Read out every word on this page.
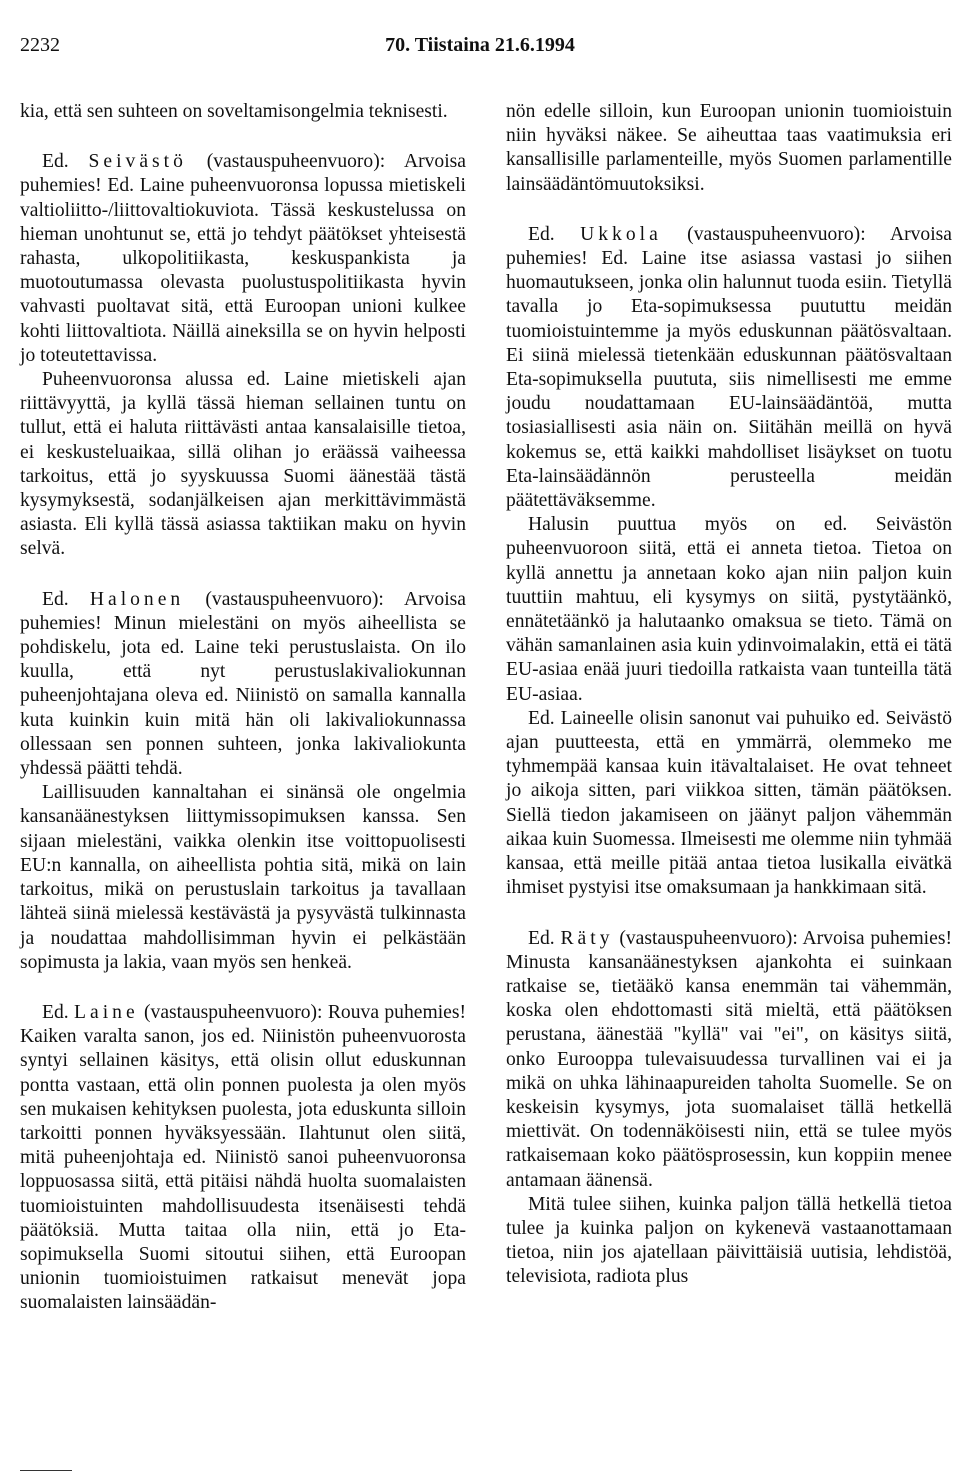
2232	70. Tiistaina 21.6.1994

kia, että sen suhteen on soveltamisongelmia teknisesti.

Ed. Seivästö (vastauspuheenvuoro): Arvoisa puhemies! Ed. Laine puheenvuoronsa lopussa mietiskeli valtioliitto-/liittovaltiokuviota. Tässä keskustelussa on hieman unohtunut se, että jo tehdyt päätökset yhteisestä rahasta, ulkopolitiikasta, keskuspankista ja muotoutumassa olevasta puolustuspolitiikasta hyvin vahvasti puoltavat sitä, että Euroopan unioni kulkee kohti liittovaltiota. Näillä aineksilla se on hyvin helposti jo toteutettavissa.

Puheenvuoronsa alussa ed. Laine mietiskeli ajan riittävyyttä, ja kyllä tässä hieman sellainen tuntu on tullut, että ei haluta riittävästi antaa kansalaisille tietoa, ei keskusteluaikaa, sillä olihan jo eräässä vaiheessa tarkoitus, että jo syyskuussa Suomi äänestää tästä kysymyksestä, sodanjälkeisen ajan merkittävimmästä asiasta. Eli kyllä tässä asiassa taktiikan maku on hyvin selvä.

Ed. Halonen (vastauspuheenvuoro): Arvoisa puhemies! Minun mielestäni on myös aiheellista se pohdiskelu, jota ed. Laine teki perustuslaista. On ilo kuulla, että nyt perustuslakivaliokunnan puheenjohtajana oleva ed. Niinistö on samalla kannalla kuta kuinkin kuin mitä hän oli lakivaliokunnassa ollessaan sen ponnen suhteen, jonka lakivaliokunta yhdessä päätti tehdä.

Laillisuuden kannaltahan ei sinänsä ole ongelmia kansanäänestyksen liittymissopimuksen kanssa. Sen sijaan mielestäni, vaikka olenkin itse voittopuolisesti EU:n kannalla, on aiheellista pohtia sitä, mikä on lain tarkoitus, mikä on perustuslain tarkoitus ja tavallaan lähteä siinä mielessä kestävästä ja pysyvästä tulkinnasta ja noudattaa mahdollisimman hyvin ei pelkästään sopimusta ja lakia, vaan myös sen henkeä.

Ed. Laine (vastauspuheenvuoro): Rouva puhemies! Kaiken varalta sanon, jos ed. Niinistön puheenvuorosta syntyi sellainen käsitys, että olisin ollut eduskunnan pontta vastaan, että olin ponnen puolesta ja olen myös sen mukaisen kehityksen puolesta, jota eduskunta silloin tarkoitti ponnen hyväksyessään. Ilahtunut olen siitä, mitä puheenjohtaja ed. Niinistö sanoi puheenvuoronsa loppuosassa siitä, että pitäisi nähdä huolta suomalaisten tuomioistuinten mahdollisuudesta itsenäisesti tehdä päätöksiä. Mutta taitaa olla niin, että jo Eta-sopimuksella Suomi sitoutui siihen, että Euroopan unionin tuomioistuimen ratkaisut menevät jopa suomalaisten lainsäädän-

nön edelle silloin, kun Euroopan unionin tuomioistuin niin hyväksi näkee. Se aiheuttaa taas vaatimuksia eri kansallisille parlamenteille, myös Suomen parlamentille lainsäädäntömuutoksiksi.

Ed. Ukkola (vastauspuheenvuoro): Arvoisa puhemies! Ed. Laine itse asiassa vastasi jo siihen huomautukseen, jonka olin halunnut tuoda esiin. Tietyllä tavalla jo Eta-sopimuksessa puututtu meidän tuomioistuintemme ja myös eduskunnan päätösvaltaan. Ei siinä mielessä tietenkään eduskunnan päätösvaltaan Eta-sopimuksella puututa, siis nimellisesti me emme joudu noudattamaan EU-lainsäädäntöä, mutta tosiasiallisesti asia näin on. Siitähän meillä on hyvä kokemus se, että kaikki mahdolliset lisäykset on tuotu Eta-lainsäädännön perusteella meidän päätettäväksemme.

Halusin puuttua myös on ed. Seivästön puheenvuoroon siitä, että ei anneta tietoa. Tietoa on kyllä annettu ja annetaan koko ajan niin paljon kuin tuuttiin mahtuu, eli kysymys on siitä, pystytäänkö, ennätetäänkö ja halutaanko omaksua se tieto. Tämä on vähän samanlainen asia kuin ydinvoimalakin, että ei tätä EU-asiaa enää juuri tiedoilla ratkaista vaan tunteilla tätä EU-asiaa.

Ed. Laineelle olisin sanonut vai puhuiko ed. Seivästö ajan puutteesta, että en ymmärrä, olemmeko me tyhmempää kansaa kuin itävaltalaiset. He ovat tehneet jo aikoja sitten, pari viikkoa sitten, tämän päätöksen. Siellä tiedon jakamiseen on jäänyt paljon vähemmän aikaa kuin Suomessa. Ilmeisesti me olemme niin tyhmää kansaa, että meille pitää antaa tietoa lusikalla eivätkä ihmiset pystyisi itse omaksumaan ja hankkimaan sitä.

Ed. Räty (vastauspuheenvuoro): Arvoisa puhemies! Minusta kansanäänestyksen ajankohta ei suinkaan ratkaise se, tietääkö kansa enemmän tai vähemmän, koska olen ehdottomasti sitä mieltä, että päätöksen perustana, äänestää "kyllä" vai "ei", on käsitys siitä, onko Eurooppa tulevaisuudessa turvallinen vai ei ja mikä on uhka lähinaapureiden taholta Suomelle. Se on keskeisin kysymys, jota suomalaiset tällä hetkellä miettivät. On todennäköisesti niin, että se tulee myös ratkaisemaan koko päätösprosessin, kun koppiin menee antamaan äänensä.

Mitä tulee siihen, kuinka paljon tällä hetkellä tietoa tulee ja kuinka paljon on kykenevä vastaanottamaan tietoa, niin jos ajatellaan päivittäisiä uutisia, lehdistöä, televisiota, radiota plus
